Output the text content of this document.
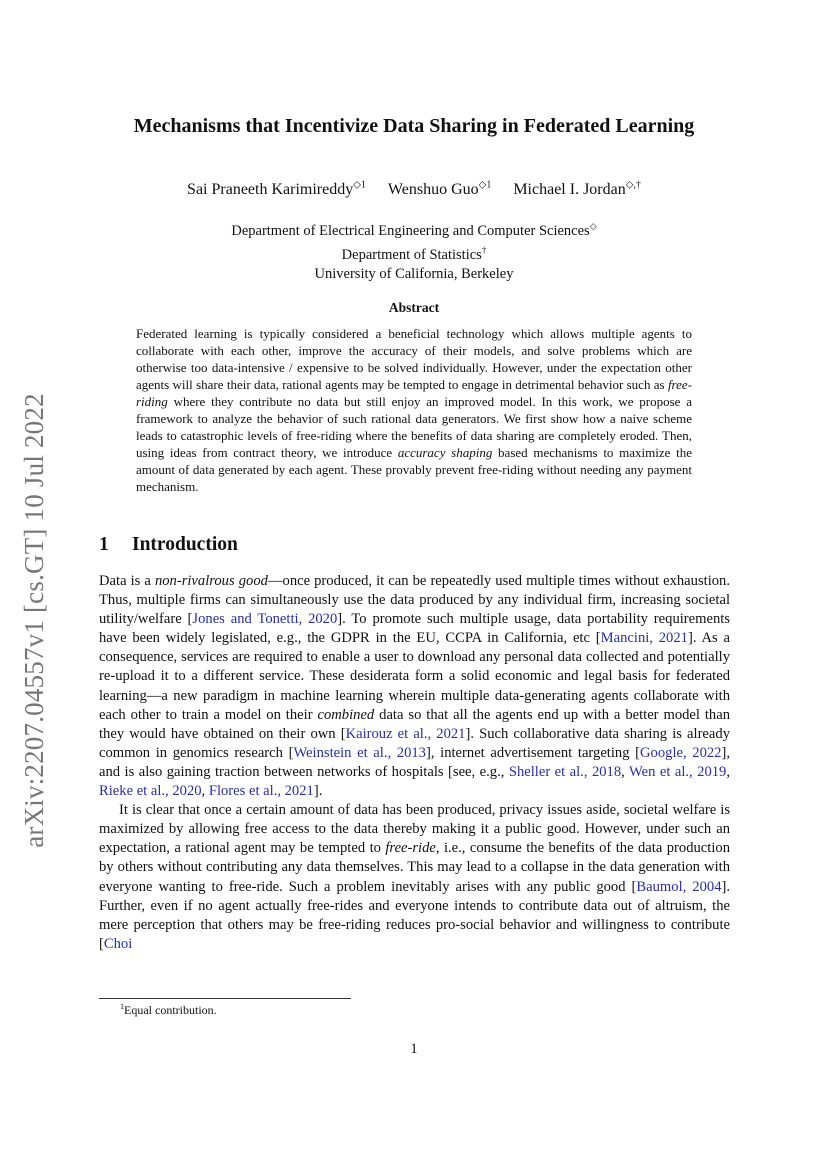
arXiv:2207.04557v1 [cs.GT] 10 Jul 2022
Mechanisms that Incentivize Data Sharing in Federated Learning
Sai Praneeth Karimireddy$^{◇1}$ Wenshuo Guo$^{◇1}$ Michael I. Jordan◇,†
Department of Electrical Engineering and Computer Sciences◇
Department of Statistics†
University of California, Berkeley
Abstract

Federated learning is typically considered a beneficial technology which allows multiple agents to collaborate with each other, improve the accuracy of their models, and solve problems which are otherwise too data-intensive / expensive to be solved individually. However, under the expectation other agents will share their data, rational agents may be tempted to engage in detrimental behavior such as free-riding where they contribute no data but still enjoy an improved model. In this work, we propose a framework to analyze the behavior of such rational data generators. We first show how a naive scheme leads to catastrophic levels of free-riding where the benefits of data sharing are completely eroded. Then, using ideas from contract theory, we introduce accuracy shaping based mechanisms to maximize the amount of data generated by each agent. These provably prevent free-riding without needing any payment mechanism.

1 Introduction

Data is a non-rivalrous good—once produced, it can be repeatedly used multiple times without exhaustion. Thus, multiple firms can simultaneously use the data produced by any individual firm, increasing societal utility/welfare [Jones and Tonetti, 2020]. To promote such multiple usage, data portability requirements have been widely legislated, e.g., the GDPR in the EU, CCPA in California, etc [Mancini, 2021]. As a consequence, services are required to enable a user to download any personal data collected and potentially re-upload it to a different service. These desiderata form a solid economic and legal basis for federated learning—a new paradigm in machine learning wherein multiple data-generating agents collaborate with each other to train a model on their combined data so that all the agents end up with a better model than they would have obtained on their own [Kairouz et al., 2021]. Such collaborative data sharing is already common in genomics research [Weinstein et al., 2013], internet advertisement targeting [Google, 2022], and is also gaining traction between networks of hospitals [see, e.g., Sheller et al., 2018, Wen et al., 2019, Rieke et al., 2020, Flores et al., 2021].

It is clear that once a certain amount of data has been produced, privacy issues aside, societal welfare is maximized by allowing free access to the data thereby making it a public good. However, under such an expectation, a rational agent may be tempted to free-ride, i.e., consume the benefits of the data production by others without contributing any data themselves. This may lead to a collapse in the data generation with everyone wanting to free-ride. Such a problem inevitably arises with any public good [Baumol, 2004]. Further, even if no agent actually free-rides and everyone intends to contribute data out of altruism, the mere perception that others may be free-riding reduces pro-social behavior and willingness to contribute [Choi

$^1$Equal contribution.
1
